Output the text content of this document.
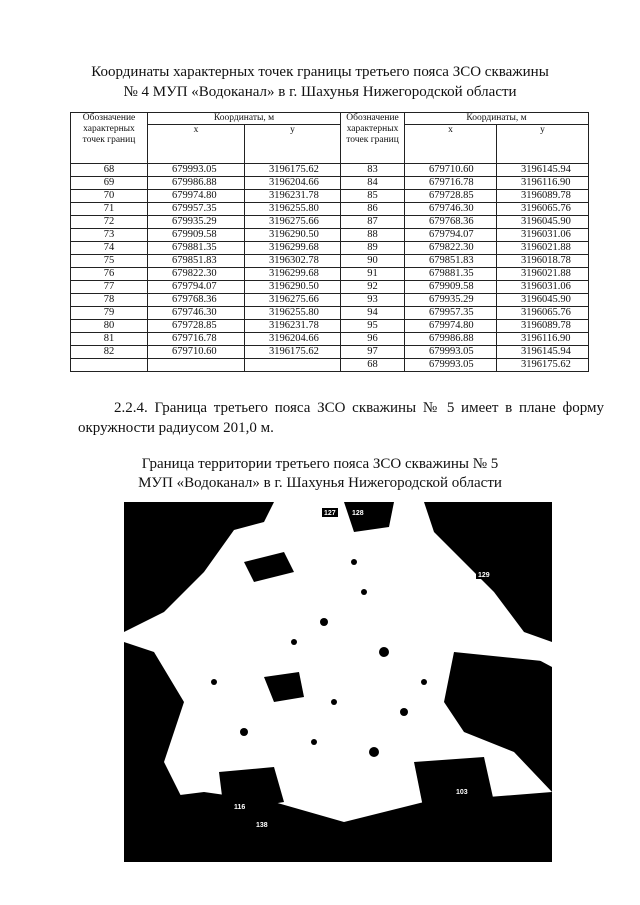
Координаты характерных точек границы третьего пояса ЗСО скважины
№ 4 МУП «Водоканал» в г. Шахунья Нижегородской области
Обозначение характерных точек границ	Координаты, м		Обозначение характерных точек границ	Координаты, м	
	x	y		x	y
68	679993.05	3196175.62	83	679710.60	3196145.94
69	679986.88	3196204.66	84	679716.78	3196116.90
70	679974.80	3196231.78	85	679728.85	3196089.78
71	679957.35	3196255.80	86	679746.30	3196065.76
72	679935.29	3196275.66	87	679768.36	3196045.90
73	679909.58	3196290.50	88	679794.07	3196031.06
74	679881.35	3196299.68	89	679822.30	3196021.88
75	679851.83	3196302.78	90	679851.83	3196018.78
76	679822.30	3196299.68	91	679881.35	3196021.88
77	679794.07	3196290.50	92	679909.58	3196031.06
78	679768.36	3196275.66	93	679935.29	3196045.90
79	679746.30	3196255.80	94	679957.35	3196065.76
80	679728.85	3196231.78	95	679974.80	3196089.78
81	679716.78	3196204.66	96	679986.88	3196116.90
82	679710.60	3196175.62	97	679993.05	3196145.94
			68	679993.05	3196175.62
2.2.4. Граница третьего пояса ЗСО скважины № 5 имеет в плане форму окружности радиусом 201,0 м.
Граница территории третьего пояса ЗСО скважины № 5
МУП «Водоканал» в г. Шахунья Нижегородской области
127 128
129
103
116
138
